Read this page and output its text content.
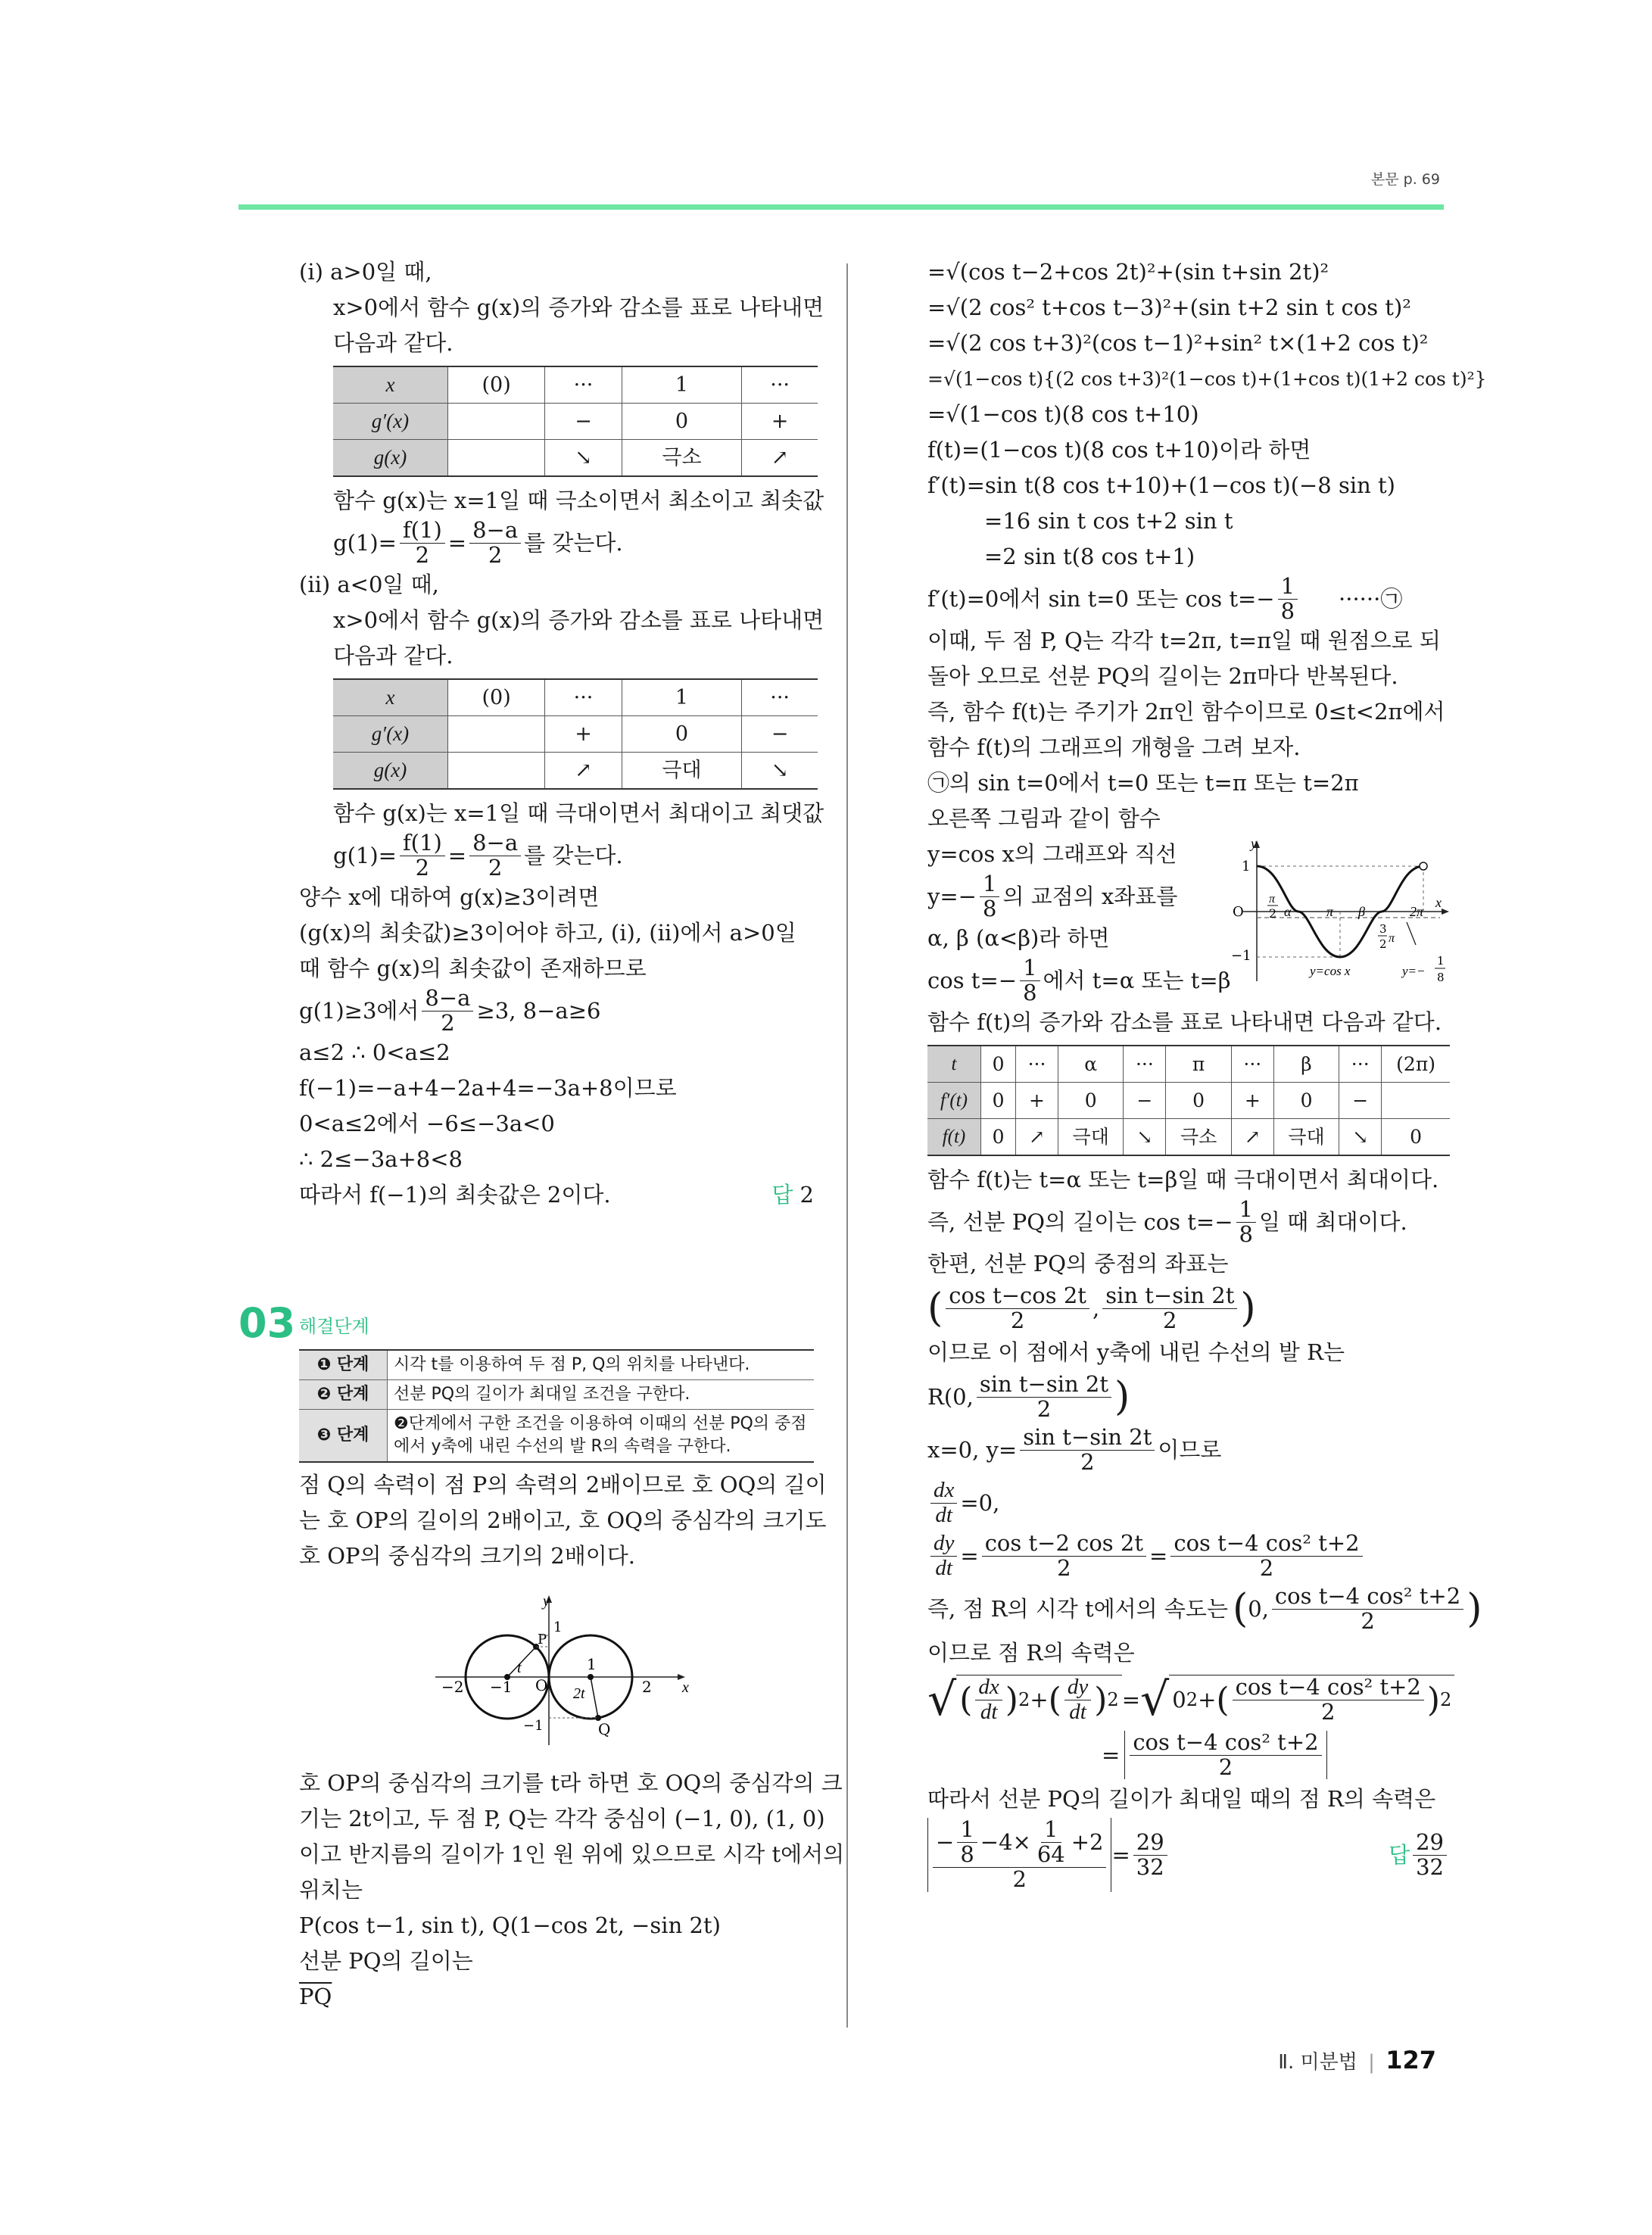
본문 p. 69
(ⅰ) a>0일 때,
x>0에서 함수 g(x)의 증가와 감소를 표로 나타내면
다음과 같다.
x	(0)	···	1	···
g′(x)		−	0	+
g(x)		↘	극소	↗
함수 g(x)는 x=1일 때 극소이면서 최소이고 최솟값
$g(1)= \frac{f(1)}{2} = \frac{8-a}{2}$ 를 갖는다.
(ⅱ) a<0일 때,
x>0에서 함수 g(x)의 증가와 감소를 표로 나타내면
다음과 같다.
x	(0)	···	1	···
g′(x)		+	0	−
g(x)		↗	극대	↘
함수 g(x)는 x=1일 때 극대이면서 최대이고 최댓값
$g(1)= \frac{f(1)}{2} = \frac{8-a}{2}$ 를 갖는다.
양수 x에 대하여 g(x)≥3이려면
(g(x)의 최솟값)≥3이어야 하고, (ⅰ), (ⅱ)에서 a>0일
때 함수 g(x)의 최솟값이 존재하므로
g(1)≥3에서 $\frac{8-a}{2} \ge 3$, 8−a≥6
a≤2 ∴ 0<a≤2
f(−1)=−a+4−2a+4=−3a+8이므로
0<a≤2에서 −6≤−3a<0
∴ 2≤−3a+8<8
따라서 f(−1)의 최솟값은 2이다.	답 2
03 해결단계
❶ 단계	시각 t를 이용하여 두 점 P, Q의 위치를 나타낸다.
❷ 단계	선분 PQ의 길이가 최대일 조건을 구한다.
❸ 단계	❷단계에서 구한 조건을 이용하여 이때의 선분 PQ의 중점에서 y축에 내린 수선의 발 R의 속력을 구한다.
점 Q의 속력이 점 P의 속력의 2배이므로 호 OQ의 길이
는 호 OP의 길이의 2배이고, 호 OQ의 중심각의 크기도
호 OP의 중심각의 크기의 2배이다.
y
x
O
−2 −1
1
2
t
2t
P
Q
1
−1
호 OP의 중심각의 크기를 t라 하면 호 OQ의 중심각의 크
기는 2t이고, 두 점 P, Q는 각각 중심이 (−1, 0), (1, 0)
이고 반지름의 길이가 1인 원 위에 있으므로 시각 t에서의
위치는
P(cos t−1, sin t), Q(1−cos 2t, −sin 2t)
선분 PQ의 길이는
$\overline{PQ}$
=√(cos t−2+cos 2t)²+(sin t+sin 2t)²
=√(2 cos² t+cos t−3)²+(sin t+2 sin t cos t)²
=√(2 cos t+3)²(cos t−1)²+sin² t×(1+2 cos t)²
=√(1−cos t){(2 cos t+3)²(1−cos t)+(1+cos t)(1+2 cos t)²}
=√(1−cos t)(8 cos t+10)
f(t)=(1−cos t)(8 cos t+10)이라 하면
f′(t)=sin t(8 cos t+10)+(1−cos t)(−8 sin t)
=16 sin t cos t+2 sin t
=2 sin t(8 cos t+1)
f′(t)=0에서 sin t=0 또는 $\cos t=- \frac{1}{8}$ ······㉠
이때, 두 점 P, Q는 각각 t=2π, t=π일 때 원점으로 되
돌아 오므로 선분 PQ의 길이는 2π마다 반복된다.
즉, 함수 f(t)는 주기가 2π인 함수이므로 0≤t<2π에서
함수 f(t)의 그래프의 개형을 그려 보자.
㉠의 sin t=0에서 t=0 또는 t=π 또는 t=2π
오른쪽 그림과 같이 함수
y=cos x의 그래프와 직선
$y=- \frac{1}{8}$ 의 교점의 x좌표를
α, β (α<β)라 하면
$\cos t=- \frac{1}{8}$ 에서 t=α 또는 t=β
함수 f(t)의 증가와 감소를 표로 나타내면 다음과 같다.
t	0	···	α	···	π	···	β	···	(2π)
f′(t)	0	+	0	−	0	+	0	−	
f(t)	0	↗	극대	↘	극소	↗	극대	↘	0
함수 f(t)는 t=α 또는 t=β일 때 극대이면서 최대이다.
즉, 선분 PQ의 길이는 $\cos t=- \frac{1}{8}$ 일 때 최대이다.
한편, 선분 PQ의 중점의 좌표는
( $\frac{\text{cos t−cos 2t}}{2}$ , $\frac{\text{sin t−sin 2t}}{2}$ )
이므로 이 점에서 y축에 내린 수선의 발 R는
R(0, $\frac{\text{sin t−sin 2t}}{2}$ )
x=0, $y= \frac{\text{sin t−sin 2t}}{2}$ 이므로
$\frac{dx}{dt} =0$,
$\frac{dy}{dt} = \frac{\text{cos t−2 cos 2t}}{2} = \frac{\text{cos t−4 cos² t+2}}{2}$
즉, 점 R의 시각 t에서의 속도는 ( 0, $\frac{\text{cos t−4 cos² t+2}}{2}$ )
이므로 점 R의 속력은
√ ( $\frac{dx}{dt}$ ) 2 + ( $\frac{dy}{dt}$ ) 2 = √ 0 2 + ( $\frac{\text{cos t−4 cos² t+2}}{2}$ ) 2
= $\frac{\text{cos t−4 cos² t+2}}{2}$
따라서 선분 PQ의 길이가 최대일 때의 점 R의 속력은
$\frac{- \frac{1}{8} -4\times \frac{1}{64} +2}{2} = \frac{29}{32}$	답 $\frac{29}{32}$
y
1
O
π
2 α	π β	2π
x
−1
3
2 π
y=cos x	y=−
1
8
Ⅱ. 미분법 | 127
